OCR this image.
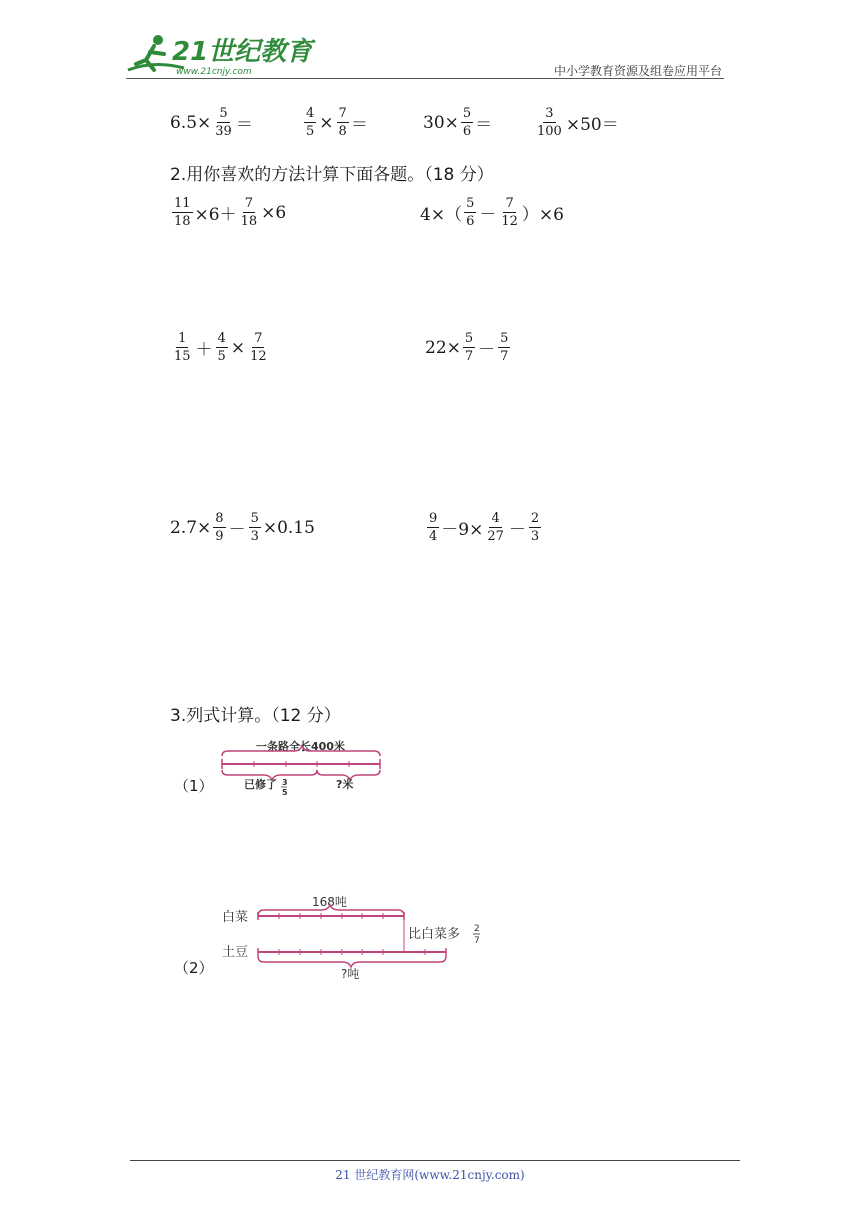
21世纪教育
www.21cnjy.com	中小学教育资源及组卷应用平台
$6.5\times \frac{5}{39}$ ＝	$\frac{4}{5} \times \frac{7}{8}$ ＝	$30\times \frac{5}{6}$ ＝	$\frac{3}{100} \times 50=$
2.用你喜欢的方法计算下面各题。（18 分）
$\frac{11}{18} \times 6+ \frac{7}{18} \times 6$	$4\times( \frac{5}{6} - \frac{7}{12} )\times 6$
$\frac{1}{15} + \frac{4}{5} \times \frac{7}{12}$	$22\times \frac{5}{7} - \frac{5}{7}$
$2.7\times \frac{8}{9} - \frac{5}{3} \times 0.15$	$\frac{9}{4} -9\times \frac{4}{27} - \frac{2}{3}$
3.列式计算。（12 分）
（1）
一条路全长400米
已修了 3
5
?米
（2）
白菜
土豆
168吨
比白菜多 2
7
?吨
21 世纪教育网(www.21cnjy.com)
